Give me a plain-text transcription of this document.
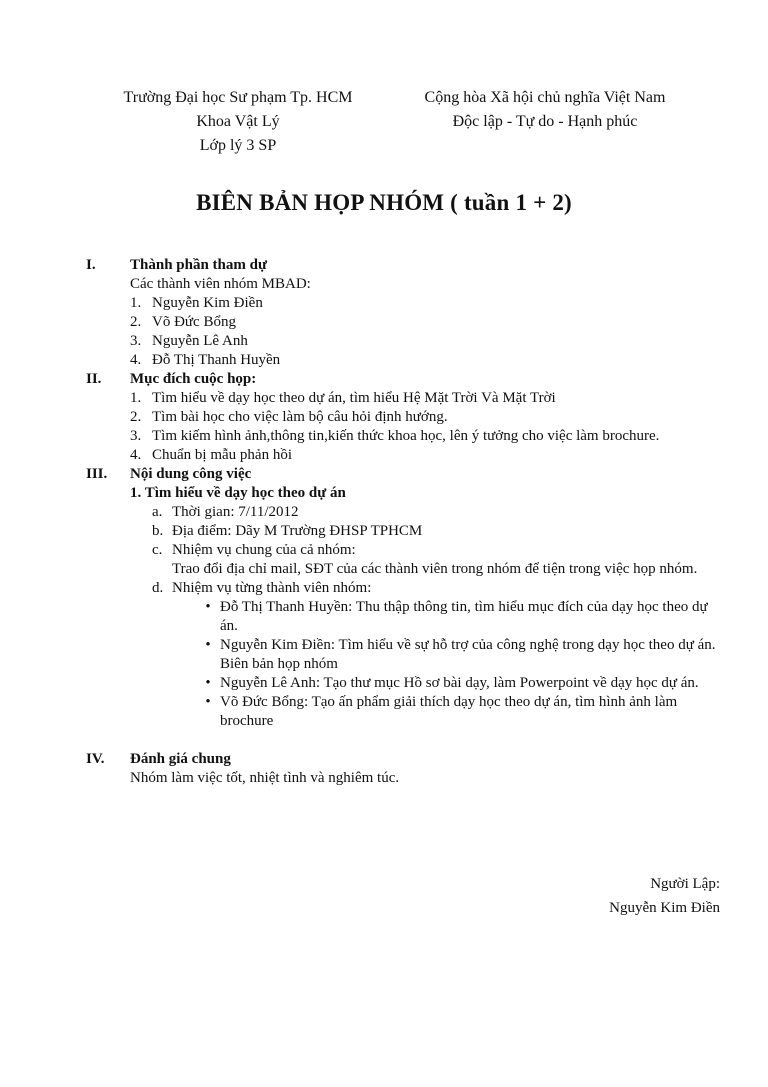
Trường Đại học Sư phạm Tp. HCM
Khoa Vật Lý
Lớp lý 3 SP
Cộng hòa Xã hội chủ nghĩa Việt Nam
Độc lập - Tự do - Hạnh phúc
BIÊN BẢN HỌP NHÓM ( tuần 1 + 2)
I.	Thành phần tham dự
Các thành viên nhóm MBAD:
1. Nguyễn Kim Điền
2. Võ Đức Bổng
3. Nguyễn Lê Anh
4. Đỗ Thị Thanh Huyền
II.	Mục đích cuộc họp:
1. Tìm hiểu về dạy học theo dự án, tìm hiểu Hệ Mặt Trời Và Mặt Trời
2. Tìm bài học cho việc làm bộ câu hỏi định hướng.
3. Tìm kiếm hình ảnh,thông tin,kiến thức khoa học, lên ý tưởng cho việc làm brochure.
4. Chuẩn bị mẫu phản hồi
III.	Nội dung công việc
1. Tìm hiểu về dạy học theo dự án
a. Thời gian: 7/11/2012
b. Địa điểm: Dãy M Trường ĐHSP TPHCM
c. Nhiệm vụ chung của cả nhóm:
Trao đổi địa chỉ mail, SĐT của các thành viên trong nhóm để tiện trong việc họp nhóm.
d. Nhiệm vụ từng thành viên nhóm:
• Đỗ Thị Thanh Huyền: Thu thập thông tin, tìm hiểu mục đích của dạy học theo dự án.
• Nguyễn Kim Điền: Tìm hiểu về sự hỗ trợ của công nghệ trong dạy học theo dự án. Biên bản họp nhóm
• Nguyễn Lê Anh: Tạo thư mục Hồ sơ bài dạy, làm Powerpoint về dạy học dự án.
• Võ Đức Bổng: Tạo ấn phẩm giải thích dạy học theo dự án, tìm hình ảnh làm brochure
IV.	Đánh giá chung
Nhóm làm việc tốt, nhiệt tình và nghiêm túc.
Người Lập:
Nguyễn Kim Điền
